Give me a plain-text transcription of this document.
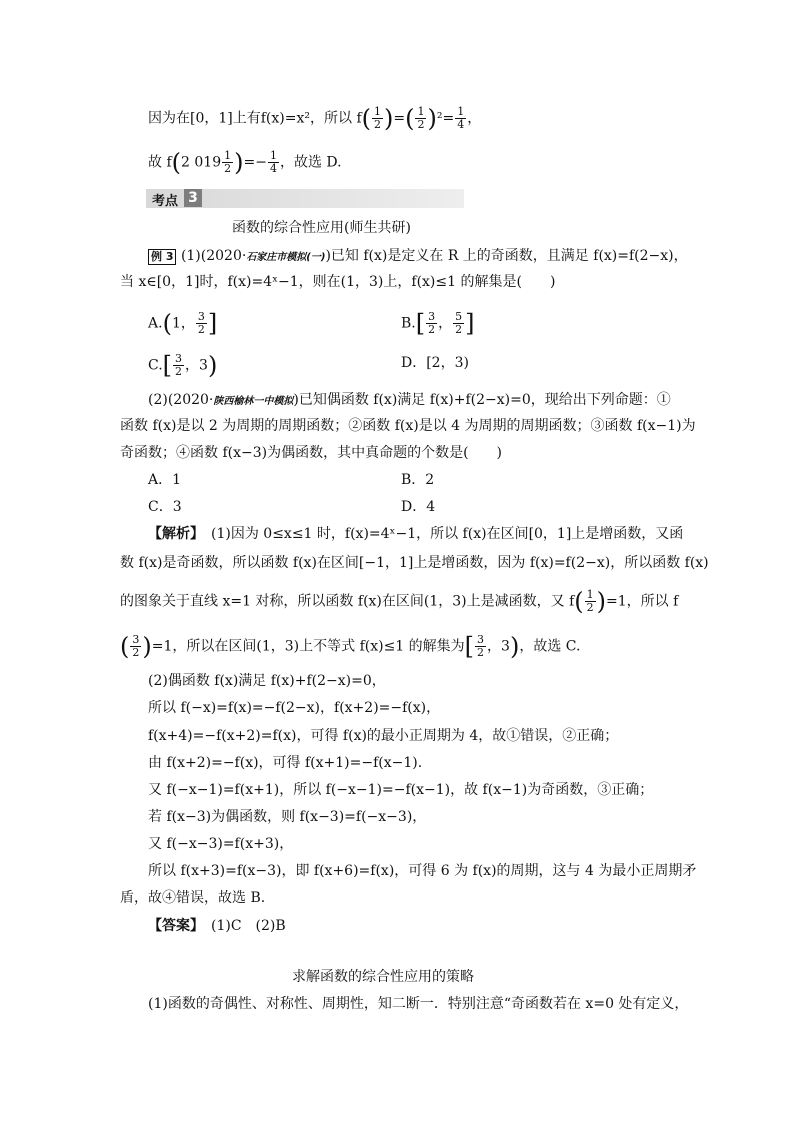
因为在[0，1]上有f(x)=x²，所以 $f( \frac{1}{2}$ )=( $\frac{1}{2} )^2= \frac{1}{4}$ ，
故 f(2 $019 \frac{1}{2}$ )=− $\frac{1}{4}$ ，故选 D.
考点 3
函数的综合性应用(师生共研)
例 3 (1)(2020·石家庄市模拟(一))已知 f(x)是定义在 R 上的奇函数，且满足 f(x)=f(2−x)，
当 x∈[0，1]时，f(x)=4ˣ−1，则在(1，3)上，f(x)≤1 的解集是(　　)
A.(1， $\frac{3}{2}$ ]	$B.[ \frac{3}{2}$ ， $\frac{5}{2}$ ]
$C.[ \frac{3}{2}$ ，3)	D．[2，3)
(2)(2020·陕西榆林一中模拟)已知偶函数 f(x)满足 f(x)+f(2−x)=0，现给出下列命题：①
函数 f(x)是以 2 为周期的周期函数；②函数 f(x)是以 4 为周期的周期函数；③函数 f(x−1)为
奇函数；④函数 f(x−3)为偶函数，其中真命题的个数是(　　)
A．1	B．2
C．3	D．4
【解析】　(1)因为 0≤x≤1 时，f(x)=4ˣ−1，所以 f(x)在区间[0，1]上是增函数，又函
数 f(x)是奇函数，所以函数 f(x)在区间[−1，1]上是增函数，因为 f(x)=f(2−x)，所以函数 f(x)
的图象关于直线 x=1 对称，所以函数 f(x)在区间(1，3)上是减函数，又 $f( \frac{1}{2} )=1$，所以 f
( $\frac{3}{2} )=1$，所以在区间(1，3)上不等式 f(x)≤1 的解集为[ $\frac{3}{2}$ ，3)，故选 C.
(2)偶函数 f(x)满足 f(x)+f(2−x)=0，
所以 f(−x)=f(x)=−f(2−x)，f(x+2)=−f(x)，
f(x+4)=−f(x+2)=f(x)，可得 f(x)的最小正周期为 4，故①错误，②正确；
由 f(x+2)=−f(x)，可得 f(x+1)=−f(x−1).
又 f(−x−1)=f(x+1)，所以 f(−x−1)=−f(x−1)，故 f(x−1)为奇函数，③正确；
若 f(x−3)为偶函数，则 f(x−3)=f(−x−3)，
又 f(−x−3)=f(x+3)，
所以 f(x+3)=f(x−3)，即 f(x+6)=f(x)，可得 6 为 f(x)的周期，这与 4 为最小正周期矛
盾，故④错误，故选 B.
【答案】　(1)C　(2)B
求解函数的综合性应用的策略
(1)函数的奇偶性、对称性、周期性，知二断一．特别注意“奇函数若在 x=0 处有定义，
